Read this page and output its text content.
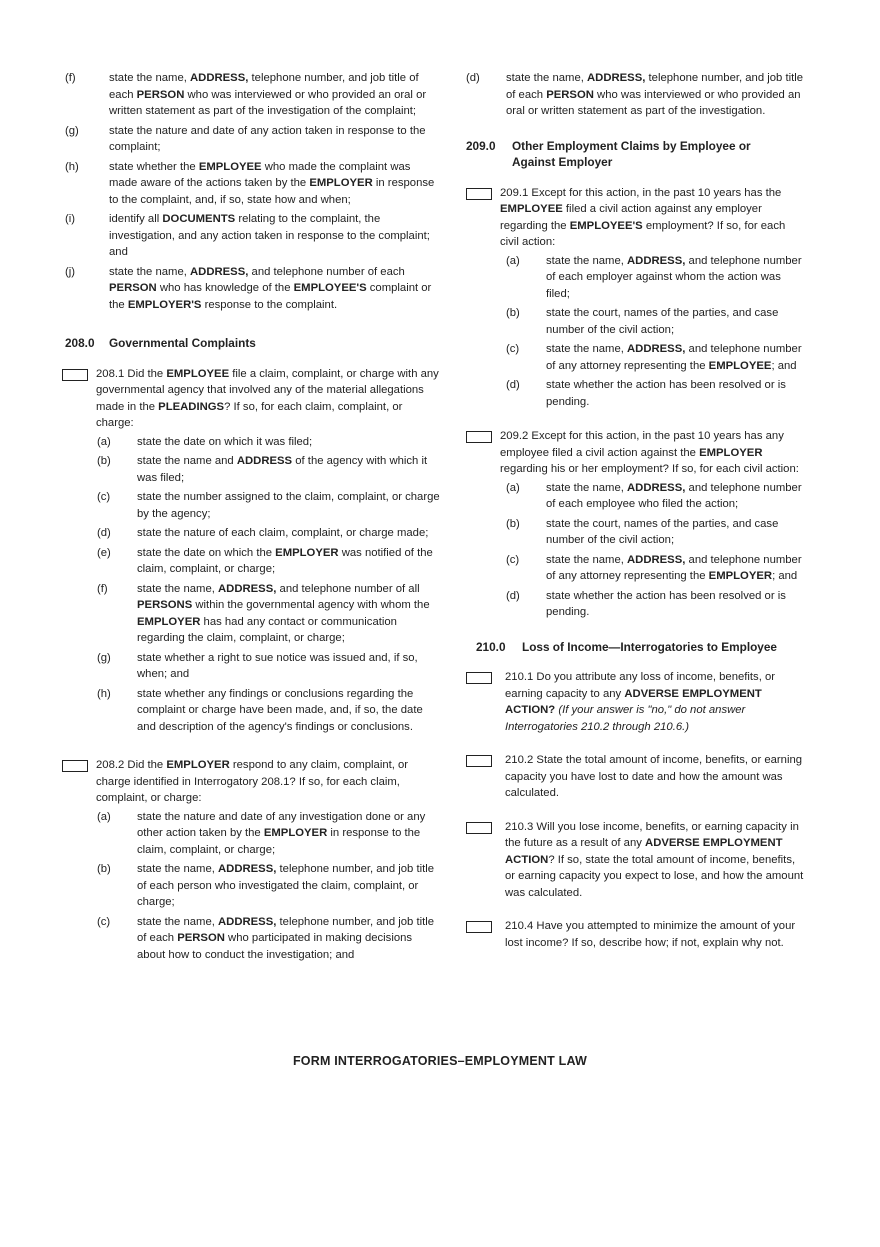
(f)	state the name, ADDRESS, telephone number, and job title of each PERSON who was interviewed or who provided an oral or written statement as part of the investigation of the complaint;
(g)	state the nature and date of any action taken in response to the complaint;
(h)	state whether the EMPLOYEE who made the complaint was made aware of the actions taken by the EMPLOYER in response to the complaint, and, if so, state how and when;
(i)	identify all DOCUMENTS relating to the complaint, the investigation, and any action taken in response to the complaint; and
(j)	state the name, ADDRESS, and telephone number of each PERSON who has knowledge of the EMPLOYEE'S complaint or the EMPLOYER'S response to the complaint.
208.0	Governmental Complaints
208.1 Did the EMPLOYEE file a claim, complaint, or charge with any governmental agency that involved any of the material allegations made in the PLEADINGS? If so, for each claim, complaint, or charge:
(a)	state the date on which it was filed;
(b)	state the name and ADDRESS of the agency with which it was filed;
(c)	state the number assigned to the claim, complaint, or charge by the agency;
(d)	state the nature of each claim, complaint, or charge made;
(e)	state the date on which the EMPLOYER was notified of the claim, complaint, or charge;
(f)	state the name, ADDRESS, and telephone number of all PERSONS within the governmental agency with whom the EMPLOYER has had any contact or communication regarding the claim, complaint, or charge;
(g)	state whether a right to sue notice was issued and, if so, when; and
(h)	state whether any findings or conclusions regarding the complaint or charge have been made, and, if so, the date and description of the agency's findings or conclusions.
208.2 Did the EMPLOYER respond to any claim, complaint, or charge identified in Interrogatory 208.1? If so, for each claim, complaint, or charge:
(a)	state the nature and date of any investigation done or any other action taken by the EMPLOYER in response to the claim, complaint, or charge;
(b)	state the name, ADDRESS, telephone number, and job title of each person who investigated the claim, complaint, or charge;
(c)	state the name, ADDRESS, telephone number, and job title of each PERSON who participated in making decisions about how to conduct the investigation; and
(d)	state the name, ADDRESS, telephone number, and job title of each PERSON who was interviewed or who provided an oral or written statement as part of the investigation.
209.0	Other Employment Claims by Employee or Against Employer
209.1 Except for this action, in the past 10 years has the EMPLOYEE filed a civil action against any employer regarding the EMPLOYEE'S employment? If so, for each civil action:
(a)	state the name, ADDRESS, and telephone number of each employer against whom the action was filed;
(b)	state the court, names of the parties, and case number of the civil action;
(c)	state the name, ADDRESS, and telephone number of any attorney representing the EMPLOYEE; and
(d)	state whether the action has been resolved or is pending.
209.2 Except for this action, in the past 10 years has any employee filed a civil action against the EMPLOYER regarding his or her employment? If so, for each civil action:
(a)	state the name, ADDRESS, and telephone number of each employee who filed the action;
(b)	state the court, names of the parties, and case number of the civil action;
(c)	state the name, ADDRESS, and telephone number of any attorney representing the EMPLOYER; and
(d)	state whether the action has been resolved or is pending.
210.0	Loss of Income—Interrogatories to Employee
210.1 Do you attribute any loss of income, benefits, or earning capacity to any ADVERSE EMPLOYMENT ACTION? (If your answer is "no," do not answer Interrogatories 210.2 through 210.6.)
210.2 State the total amount of income, benefits, or earning capacity you have lost to date and how the amount was calculated.
210.3 Will you lose income, benefits, or earning capacity in the future as a result of any ADVERSE EMPLOYMENT ACTION? If so, state the total amount of income, benefits, or earning capacity you expect to lose, and how the amount was calculated.
210.4 Have you attempted to minimize the amount of your lost income? If so, describe how; if not, explain why not.
FORM INTERROGATORIES–EMPLOYMENT LAW
